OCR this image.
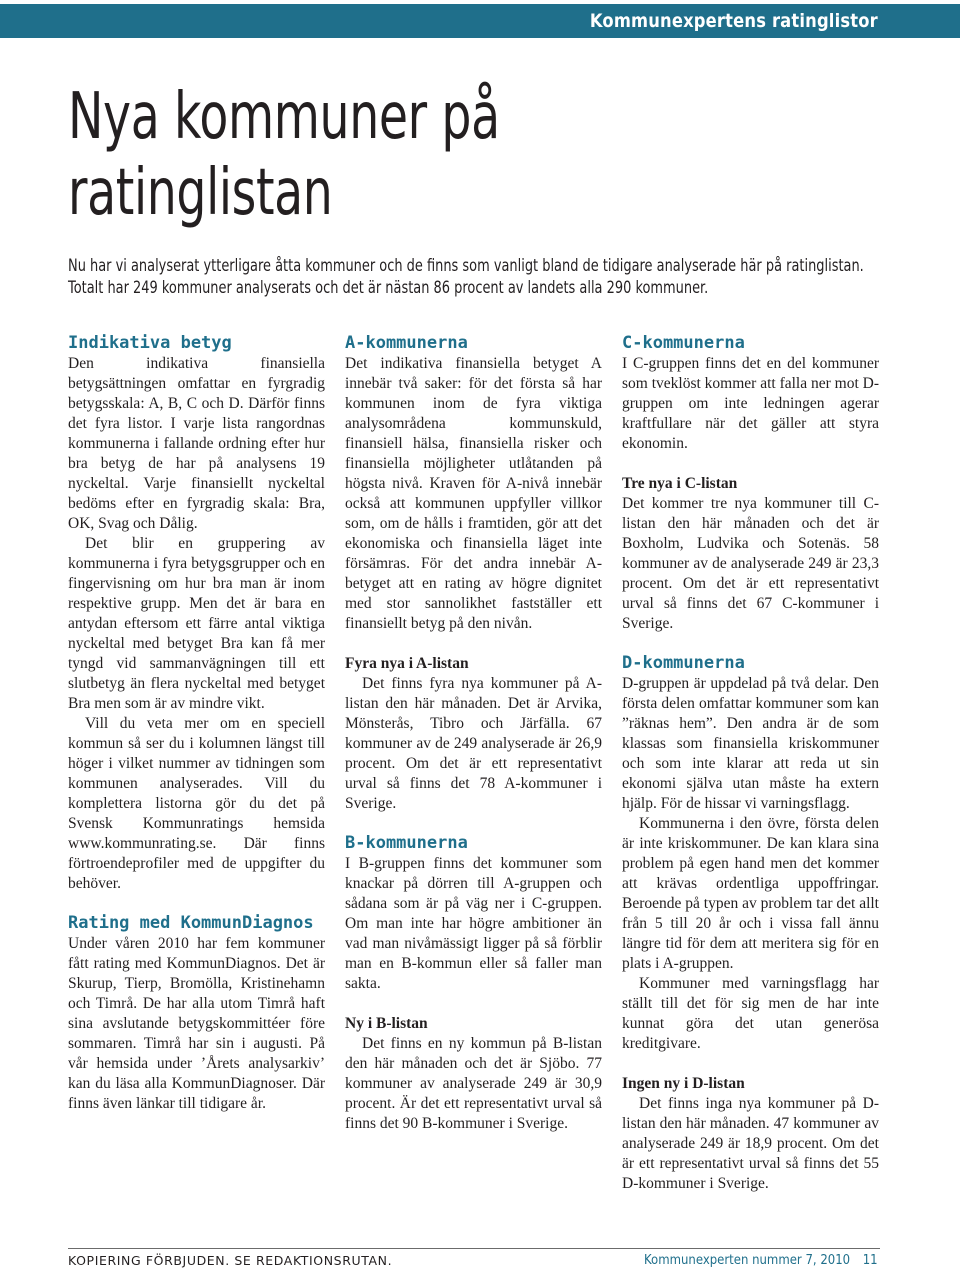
Kommunexpertens ratinglistor
Nya kommuner på ratinglistan

Nu har vi analyserat ytterligare åtta kommuner och de finns som vanligt bland de tidigare analyserade här på ratinglistan. Totalt har 249 kommuner analyserats och det är nästan 86 procent av landets alla 290 kommuner.

Indikativa betyg

Den indikativa finansiella betygsättningen omfattar en fyrgradig betygsskala: A, B, C och D. Därför finns det fyra listor. I varje lista rangordnas kommunerna i fallande ordning efter hur bra betyg de har på analysens 19 nyckeltal. Varje finansiellt nyckeltal bedöms efter en fyrgradig skala: Bra, OK, Svag och Dålig.

Det blir en gruppering av kommunerna i fyra betygsgrupper och en fingervisning om hur bra man är inom respektive grupp. Men det är bara en antydan eftersom ett färre antal viktiga nyckeltal med betyget Bra kan få mer tyngd vid sammanvägningen till ett slutbetyg än flera nyckeltal med betyget Bra men som är av mindre vikt.

Vill du veta mer om en speciell kommun så ser du i kolumnen längst till höger i vilket nummer av tidningen som kommunen analyserades. Vill du komplettera listorna gör du det på Svensk Kommunratings hemsida www.kommunrating.se. Där finns förtroendeprofiler med de uppgifter du behöver.

Rating med KommunDiagnos

Under våren 2010 har fem kommuner fått rating med KommunDiagnos. Det är Skurup, Tierp, Bromölla, Kristinehamn och Timrå. De har alla utom Timrå haft sina avslutande betygskommittéer före sommaren. Timrå har sin i augusti. På vår hemsida under ’Årets analysarkiv’ kan du läsa alla KommunDiagnoser. Där finns även länkar till tidigare år.

A-kommunerna

Det indikativa finansiella betyget A innebär två saker: för det första så har kommunen inom de fyra viktiga analysområdena kommunskuld, finansiell hälsa, finansiella risker och finansiella möjligheter utlåtanden på högsta nivå. Kraven för A-nivå innebär också att kommunen uppfyller villkor som, om de hålls i framtiden, gör att det ekonomiska och finansiella läget inte försämras. För det andra innebär A-betyget att en rating av högre dignitet med stor sannolikhet fastställer ett finansiellt betyg på den nivån.

Fyra nya i A-listan

Det finns fyra nya kommuner på A-listan den här månaden. Det är Arvika, Mönsterås, Tibro och Järfälla. 67 kommuner av de 249 analyserade är 26,9 procent. Om det är ett representativt urval så finns det 78 A-kommuner i Sverige.

B-kommunerna

I B-gruppen finns det kommuner som knackar på dörren till A-gruppen och sådana som är på väg ner i C-gruppen. Om man inte har högre ambitioner än vad man nivåmässigt ligger på så förblir man en B-kommun eller så faller man sakta.

Ny i B-listan

Det finns en ny kommun på B-listan den här månaden och det är Sjöbo. 77 kommuner av analyserade 249 är 30,9 procent. Är det ett representativt urval så finns det 90 B-kommuner i Sverige.

C-kommunerna

I C-gruppen finns det en del kommuner som tveklöst kommer att falla ner mot D-gruppen om inte ledningen agerar kraftfullare när det gäller att styra ekonomin.

Tre nya i C-listan

Det kommer tre nya kommuner till C-listan den här månaden och det är Boxholm, Ludvika och Sotenäs. 58 kommuner av de analyserade 249 är 23,3 procent. Om det är ett representativt urval så finns det 67 C-kommuner i Sverige.

D-kommunerna

D-gruppen är uppdelad på två delar. Den första delen omfattar kommuner som kan ”räknas hem”. Den andra är de som klassas som finansiella kriskommuner och som inte klarar att reda ut sin ekonomi själva utan måste ha extern hjälp. För de hissar vi varningsflagg.

Kommunerna i den övre, första delen är inte kriskommuner. De kan klara sina problem på egen hand men det kommer att krävas ordentliga uppoffringar. Beroende på typen av problem tar det allt från 5 till 20 år och i vissa fall ännu längre tid för dem att meritera sig för en plats i A-gruppen.

Kommuner med varningsflagg har ställt till det för sig men de har inte kunnat göra det utan generösa kreditgivare.

Ingen ny i D-listan

Det finns inga nya kommuner på D-listan den här månaden. 47 kommuner av analyserade 249 är 18,9 procent. Om det är ett representativt urval så finns det 55 D-kommuner i Sverige.

KOPIERING FÖRBJUDEN. SE REDAKTIONSRUTAN.	Kommunexperten nummer 7, 2010 11
